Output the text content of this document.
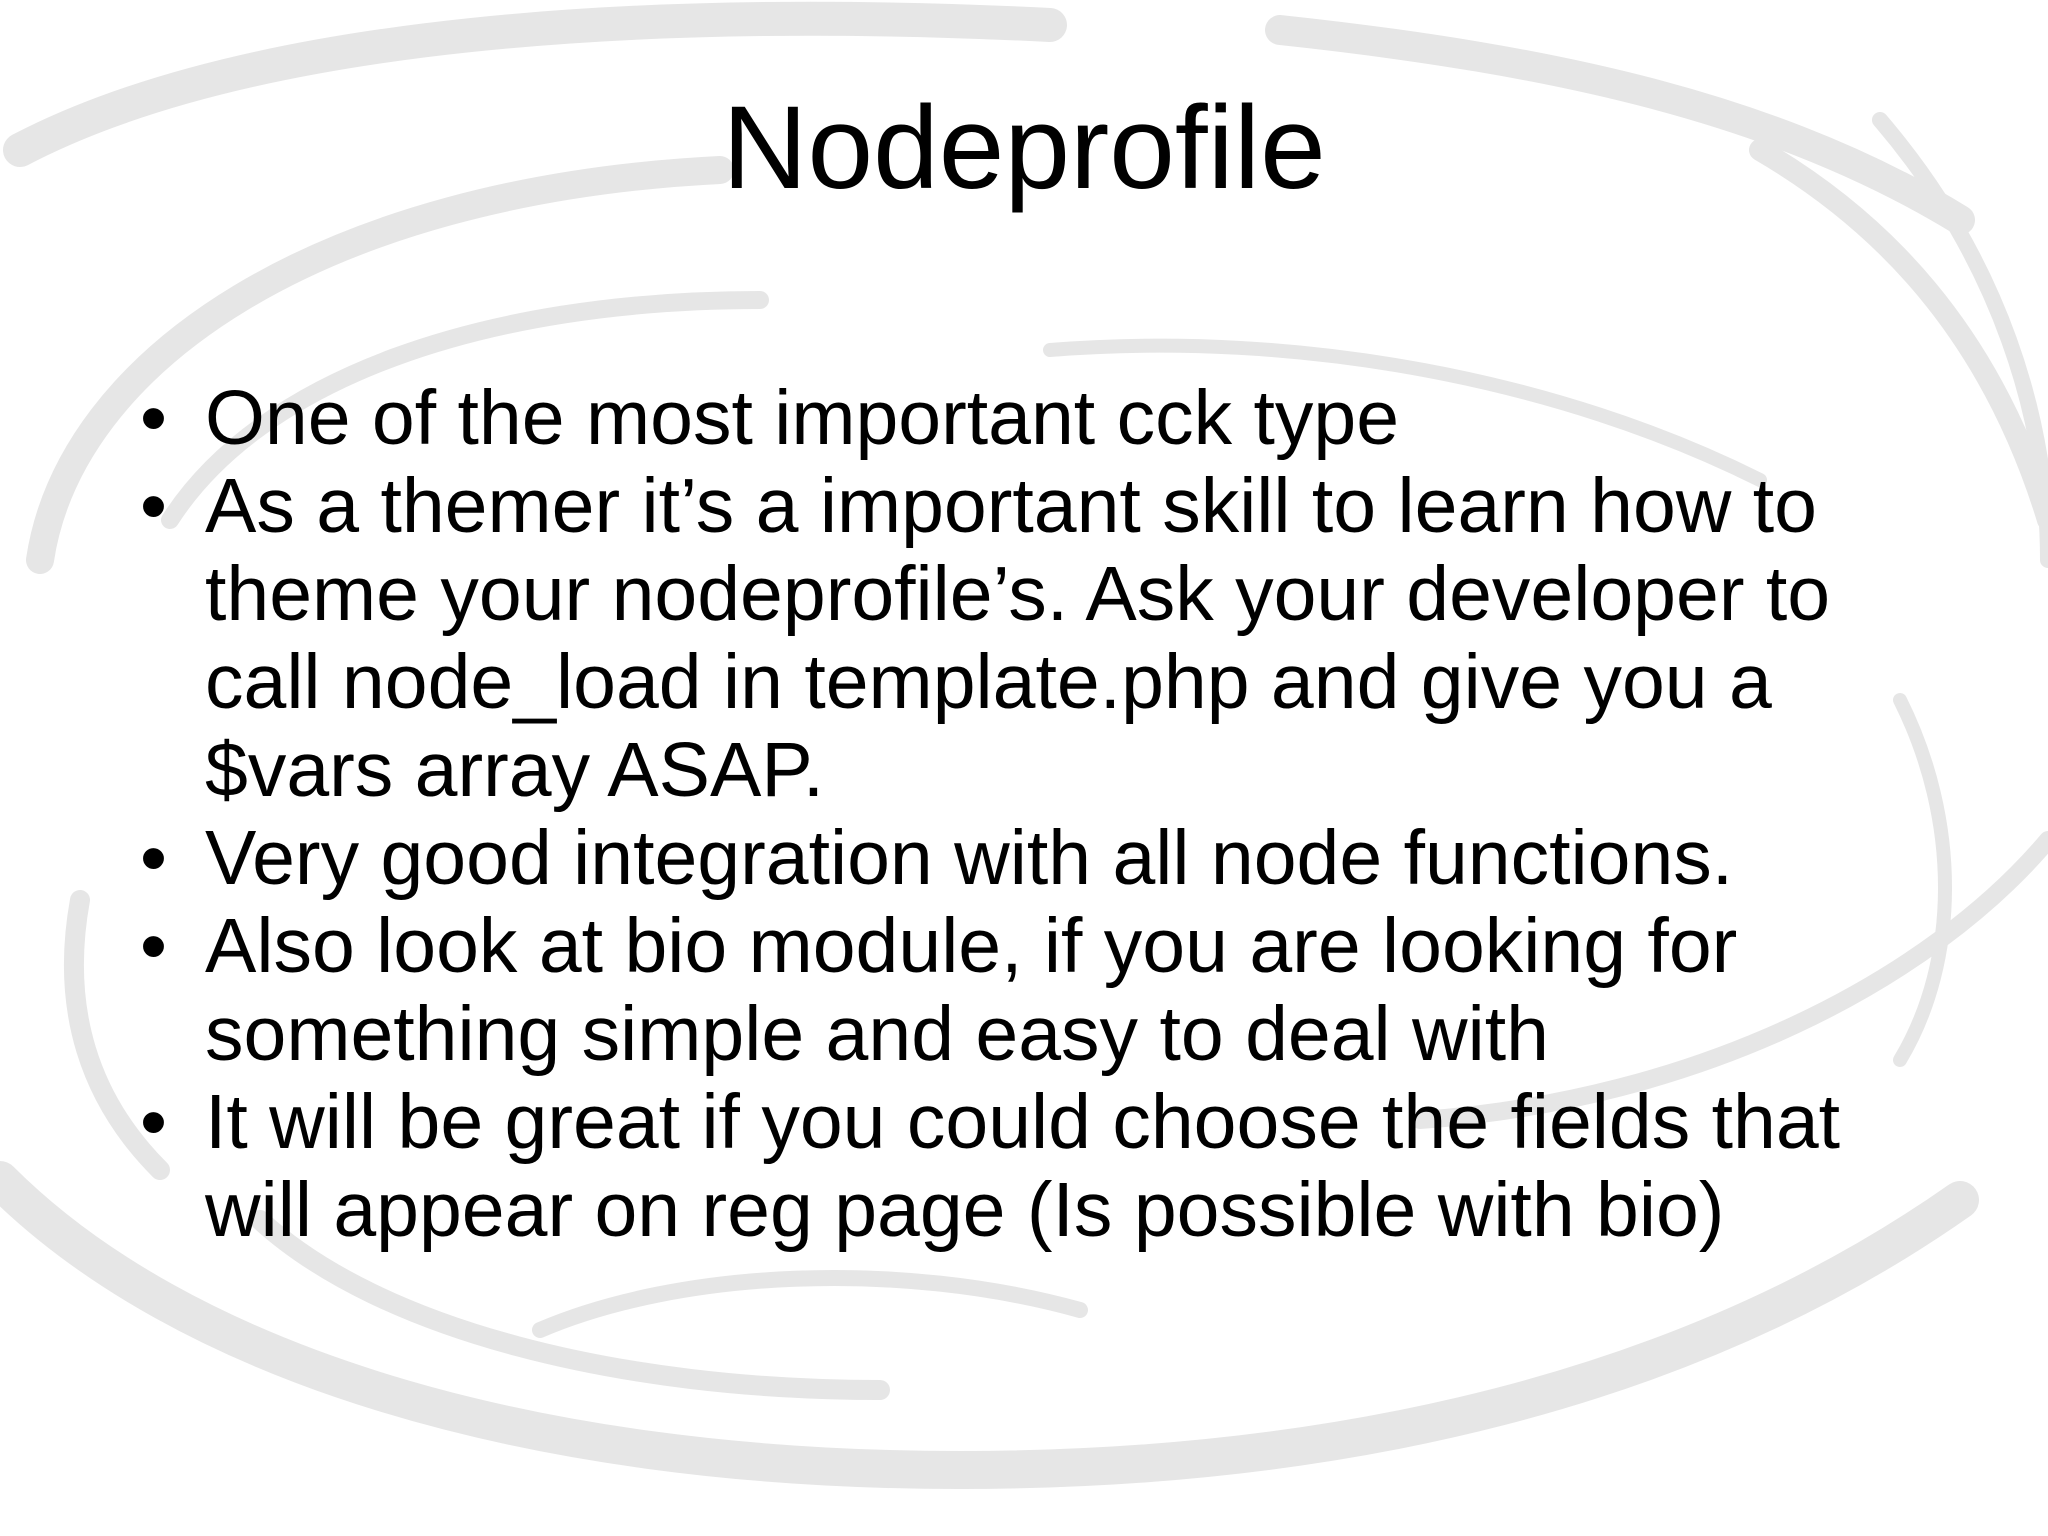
Nodeprofile
• One of the most important cck type
• As a themer it’s a important skill to learn how to theme your nodeprofile’s. Ask your developer to call node_load in template.php and give you a $vars array ASAP.
• Very good integration with all node functions.
• Also look at bio module, if you are looking for something simple and easy to deal with
• It will be great if you could choose the fields that will appear on reg page (Is possible with bio)
